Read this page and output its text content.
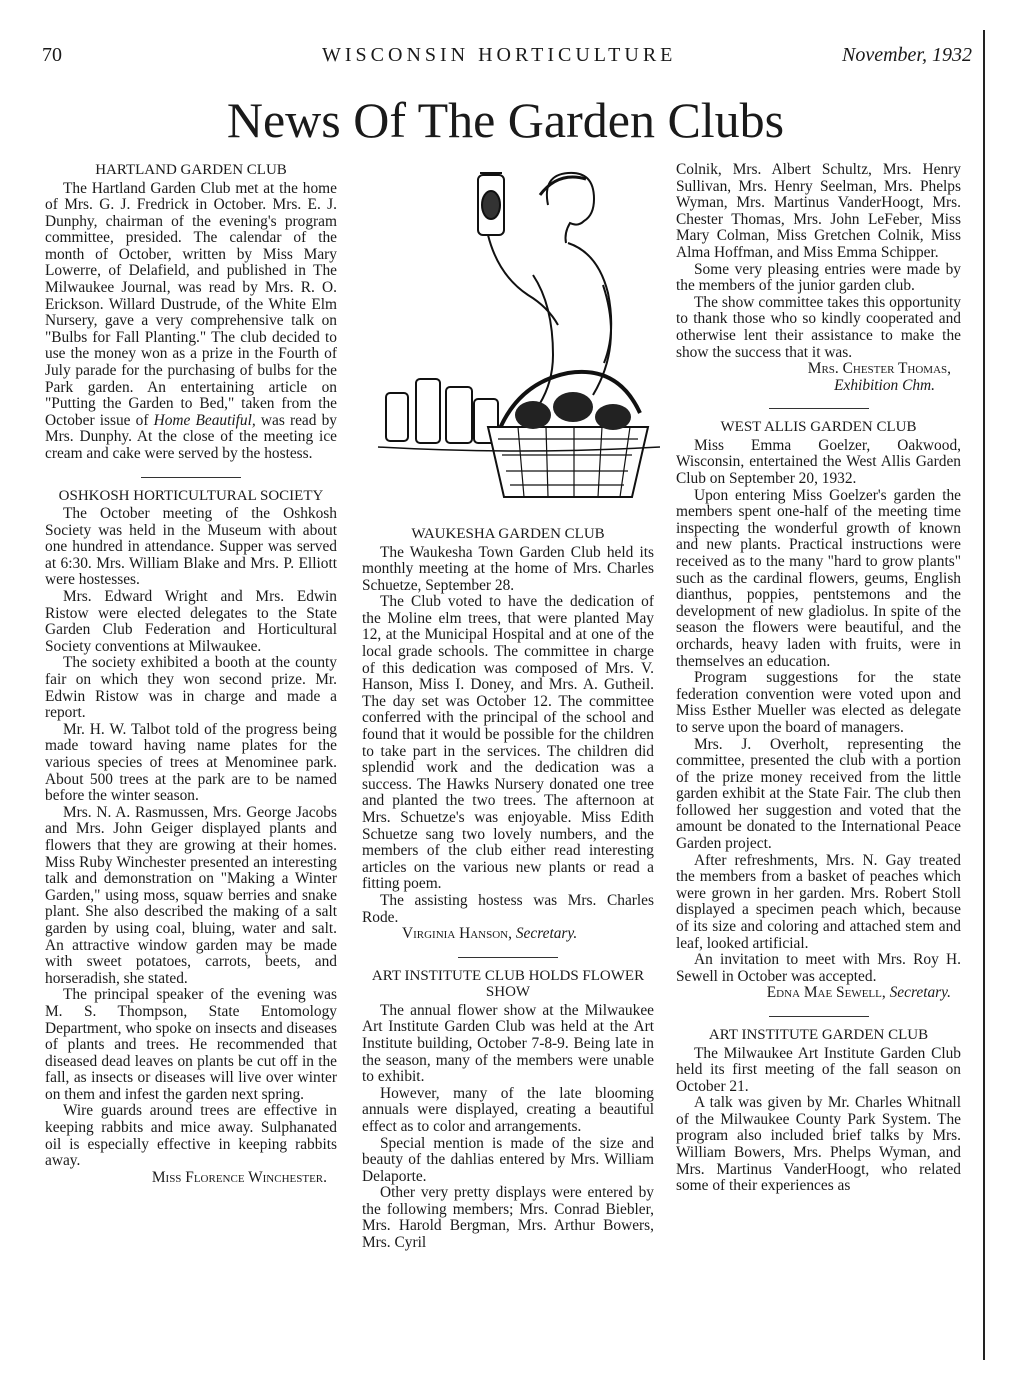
70	WISCONSIN HORTICULTURE	November, 1932
News Of The Garden Clubs
HARTLAND GARDEN CLUB

The Hartland Garden Club met at the home of Mrs. G. J. Fredrick in October. Mrs. E. J. Dunphy, chairman of the evening's program committee, presided. The calendar of the month of October, written by Miss Mary Lowerre, of Delafield, and published in The Milwaukee Journal, was read by Mrs. R. O. Erickson. Willard Dustrude, of the White Elm Nursery, gave a very comprehensive talk on "Bulbs for Fall Planting." The club decided to use the money won as a prize in the Fourth of July parade for the purchasing of bulbs for the Park garden. An entertaining article on "Putting the Garden to Bed," taken from the October issue of Home Beautiful, was read by Mrs. Dunphy. At the close of the meeting ice cream and cake were served by the hostess.

OSHKOSH HORTICULTURAL SOCIETY

The October meeting of the Oshkosh Society was held in the Museum with about one hundred in attendance. Supper was served at 6:30. Mrs. William Blake and Mrs. P. Elliott were hostesses.

Mrs. Edward Wright and Mrs. Edwin Ristow were elected delegates to the State Garden Club Federation and Horticultural Society conventions at Milwaukee.

The society exhibited a booth at the county fair on which they won second prize. Mr. Edwin Ristow was in charge and made a report.

Mr. H. W. Talbot told of the progress being made toward having name plates for the various species of trees at Menominee park. About 500 trees at the park are to be named before the winter season.

Mrs. N. A. Rasmussen, Mrs. George Jacobs and Mrs. John Geiger displayed plants and flowers that they are growing at their homes. Miss Ruby Winchester presented an interesting talk and demonstration on "Making a Winter Garden," using moss, squaw berries and snake plant. She also described the making of a salt garden by using coal, bluing, water and salt. An attractive window garden may be made with sweet potatoes, carrots, beets, and horseradish, she stated.

The principal speaker of the evening was M. S. Thompson, State Entomology Department, who spoke on insects and diseases of plants and trees. He recommended that diseased dead leaves on plants be cut off in the fall, as insects or diseases will live over winter on them and infest the garden next spring.

Wire guards around trees are effective in keeping rabbits and mice away. Sulphanated oil is especially effective in keeping rabbits away.

Miss Florence Winchester.

WAUKESHA GARDEN CLUB

The Waukesha Town Garden Club held its monthly meeting at the home of Mrs. Charles Schuetze, September 28.

The Club voted to have the dedication of the Moline elm trees, that were planted May 12, at the Municipal Hospital and at one of the local grade schools. The committee in charge of this dedication was composed of Mrs. V. Hanson, Miss I. Doney, and Mrs. A. Gutheil. The day set was October 12. The committee conferred with the principal of the school and found that it would be possible for the children to take part in the services. The children did splendid work and the dedication was a success. The Hawks Nursery donated one tree and planted the two trees. The afternoon at Mrs. Schuetze's was enjoyable. Miss Edith Schuetze sang two lovely numbers, and the members of the club either read interesting articles on the various new plants or read a fitting poem.

The assisting hostess was Mrs. Charles Rode.

Virginia Hanson, Secretary.

ART INSTITUTE CLUB HOLDS FLOWER SHOW

The annual flower show at the Milwaukee Art Institute Garden Club was held at the Art Institute building, October 7-8-9. Being late in the season, many of the members were unable to exhibit.

However, many of the late blooming annuals were displayed, creating a beautiful effect as to color and arrangements.

Special mention is made of the size and beauty of the dahlias entered by Mrs. William Delaporte.

Other very pretty displays were entered by the following members; Mrs. Conrad Biebler, Mrs. Harold Bergman, Mrs. Arthur Bowers, Mrs. Cyril

Colnik, Mrs. Albert Schultz, Mrs. Henry Sullivan, Mrs. Henry Seelman, Mrs. Phelps Wyman, Mrs. Martinus VanderHoogt, Mrs. Chester Thomas, Mrs. John LeFeber, Miss Mary Colman, Miss Gretchen Colnik, Miss Alma Hoffman, and Miss Emma Schipper.

Some very pleasing entries were made by the members of the junior garden club.

The show committee takes this opportunity to thank those who so kindly cooperated and otherwise lent their assistance to make the show the success that it was.

Mrs. Chester Thomas,

Exhibition Chm.

WEST ALLIS GARDEN CLUB

Miss Emma Goelzer, Oakwood, Wisconsin, entertained the West Allis Garden Club on September 20, 1932.

Upon entering Miss Goelzer's garden the members spent one-half of the meeting time inspecting the wonderful growth of known and new plants. Practical instructions were received as to the many "hard to grow plants" such as the cardinal flowers, geums, English dianthus, poppies, pentstemons and the development of new gladiolus. In spite of the season the flowers were beautiful, and the orchards, heavy laden with fruits, were in themselves an education.

Program suggestions for the state federation convention were voted upon and Miss Esther Mueller was elected as delegate to serve upon the board of managers.

Mrs. J. Overholt, representing the committee, presented the club with a portion of the prize money received from the little garden exhibit at the State Fair. The club then followed her suggestion and voted that the amount be donated to the International Peace Garden project.

After refreshments, Mrs. N. Gay treated the members from a basket of peaches which were grown in her garden. Mrs. Robert Stoll displayed a specimen peach which, because of its size and coloring and attached stem and leaf, looked artificial.

An invitation to meet with Mrs. Roy H. Sewell in October was accepted.

Edna Mae Sewell, Secretary.

ART INSTITUTE GARDEN CLUB

The Milwaukee Art Institute Garden Club held its first meeting of the fall season on October 21.

A talk was given by Mr. Charles Whitnall of the Milwaukee County Park System. The program also included brief talks by Mrs. William Bowers, Mrs. Phelps Wyman, and Mrs. Martinus VanderHoogt, who related some of their experiences as
